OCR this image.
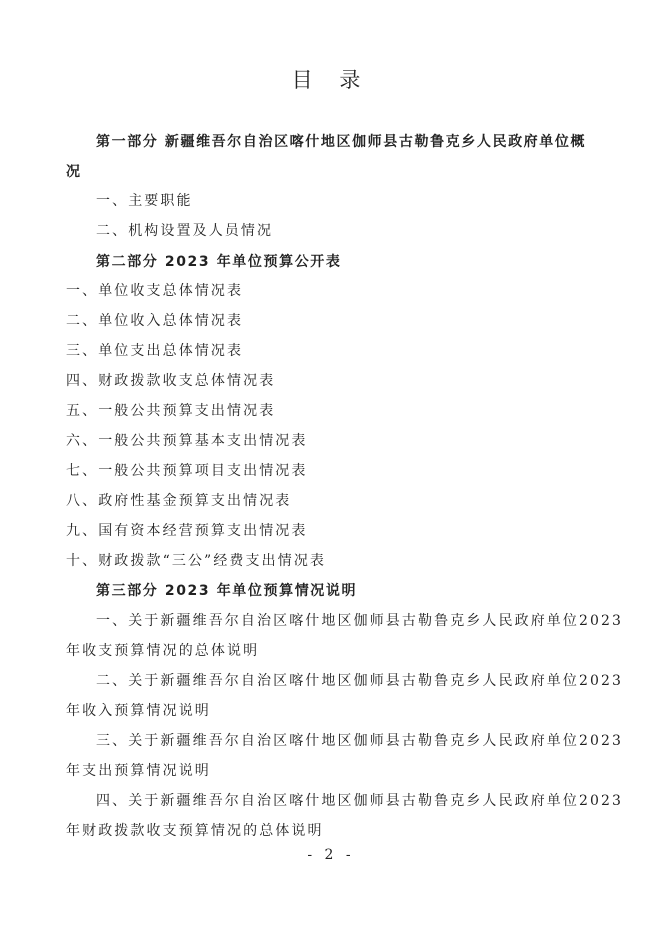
目 录
第一部分 新疆维吾尔自治区喀什地区伽师县古勒鲁克乡人民政府单位概
况
一、主要职能
二、机构设置及人员情况
第二部分 2023 年单位预算公开表
一、单位收支总体情况表
二、单位收入总体情况表
三、单位支出总体情况表
四、财政拨款收支总体情况表
五、一般公共预算支出情况表
六、一般公共预算基本支出情况表
七、一般公共预算项目支出情况表
八、政府性基金预算支出情况表
九、国有资本经营预算支出情况表
十、财政拨款“三公”经费支出情况表
第三部分 2023 年单位预算情况说明
一、关于新疆维吾尔自治区喀什地区伽师县古勒鲁克乡人民政府单位2023
年收支预算情况的总体说明
二、关于新疆维吾尔自治区喀什地区伽师县古勒鲁克乡人民政府单位2023
年收入预算情况说明
三、关于新疆维吾尔自治区喀什地区伽师县古勒鲁克乡人民政府单位2023
年支出预算情况说明
四、关于新疆维吾尔自治区喀什地区伽师县古勒鲁克乡人民政府单位2023
年财政拨款收支预算情况的总体说明
- 2 -
